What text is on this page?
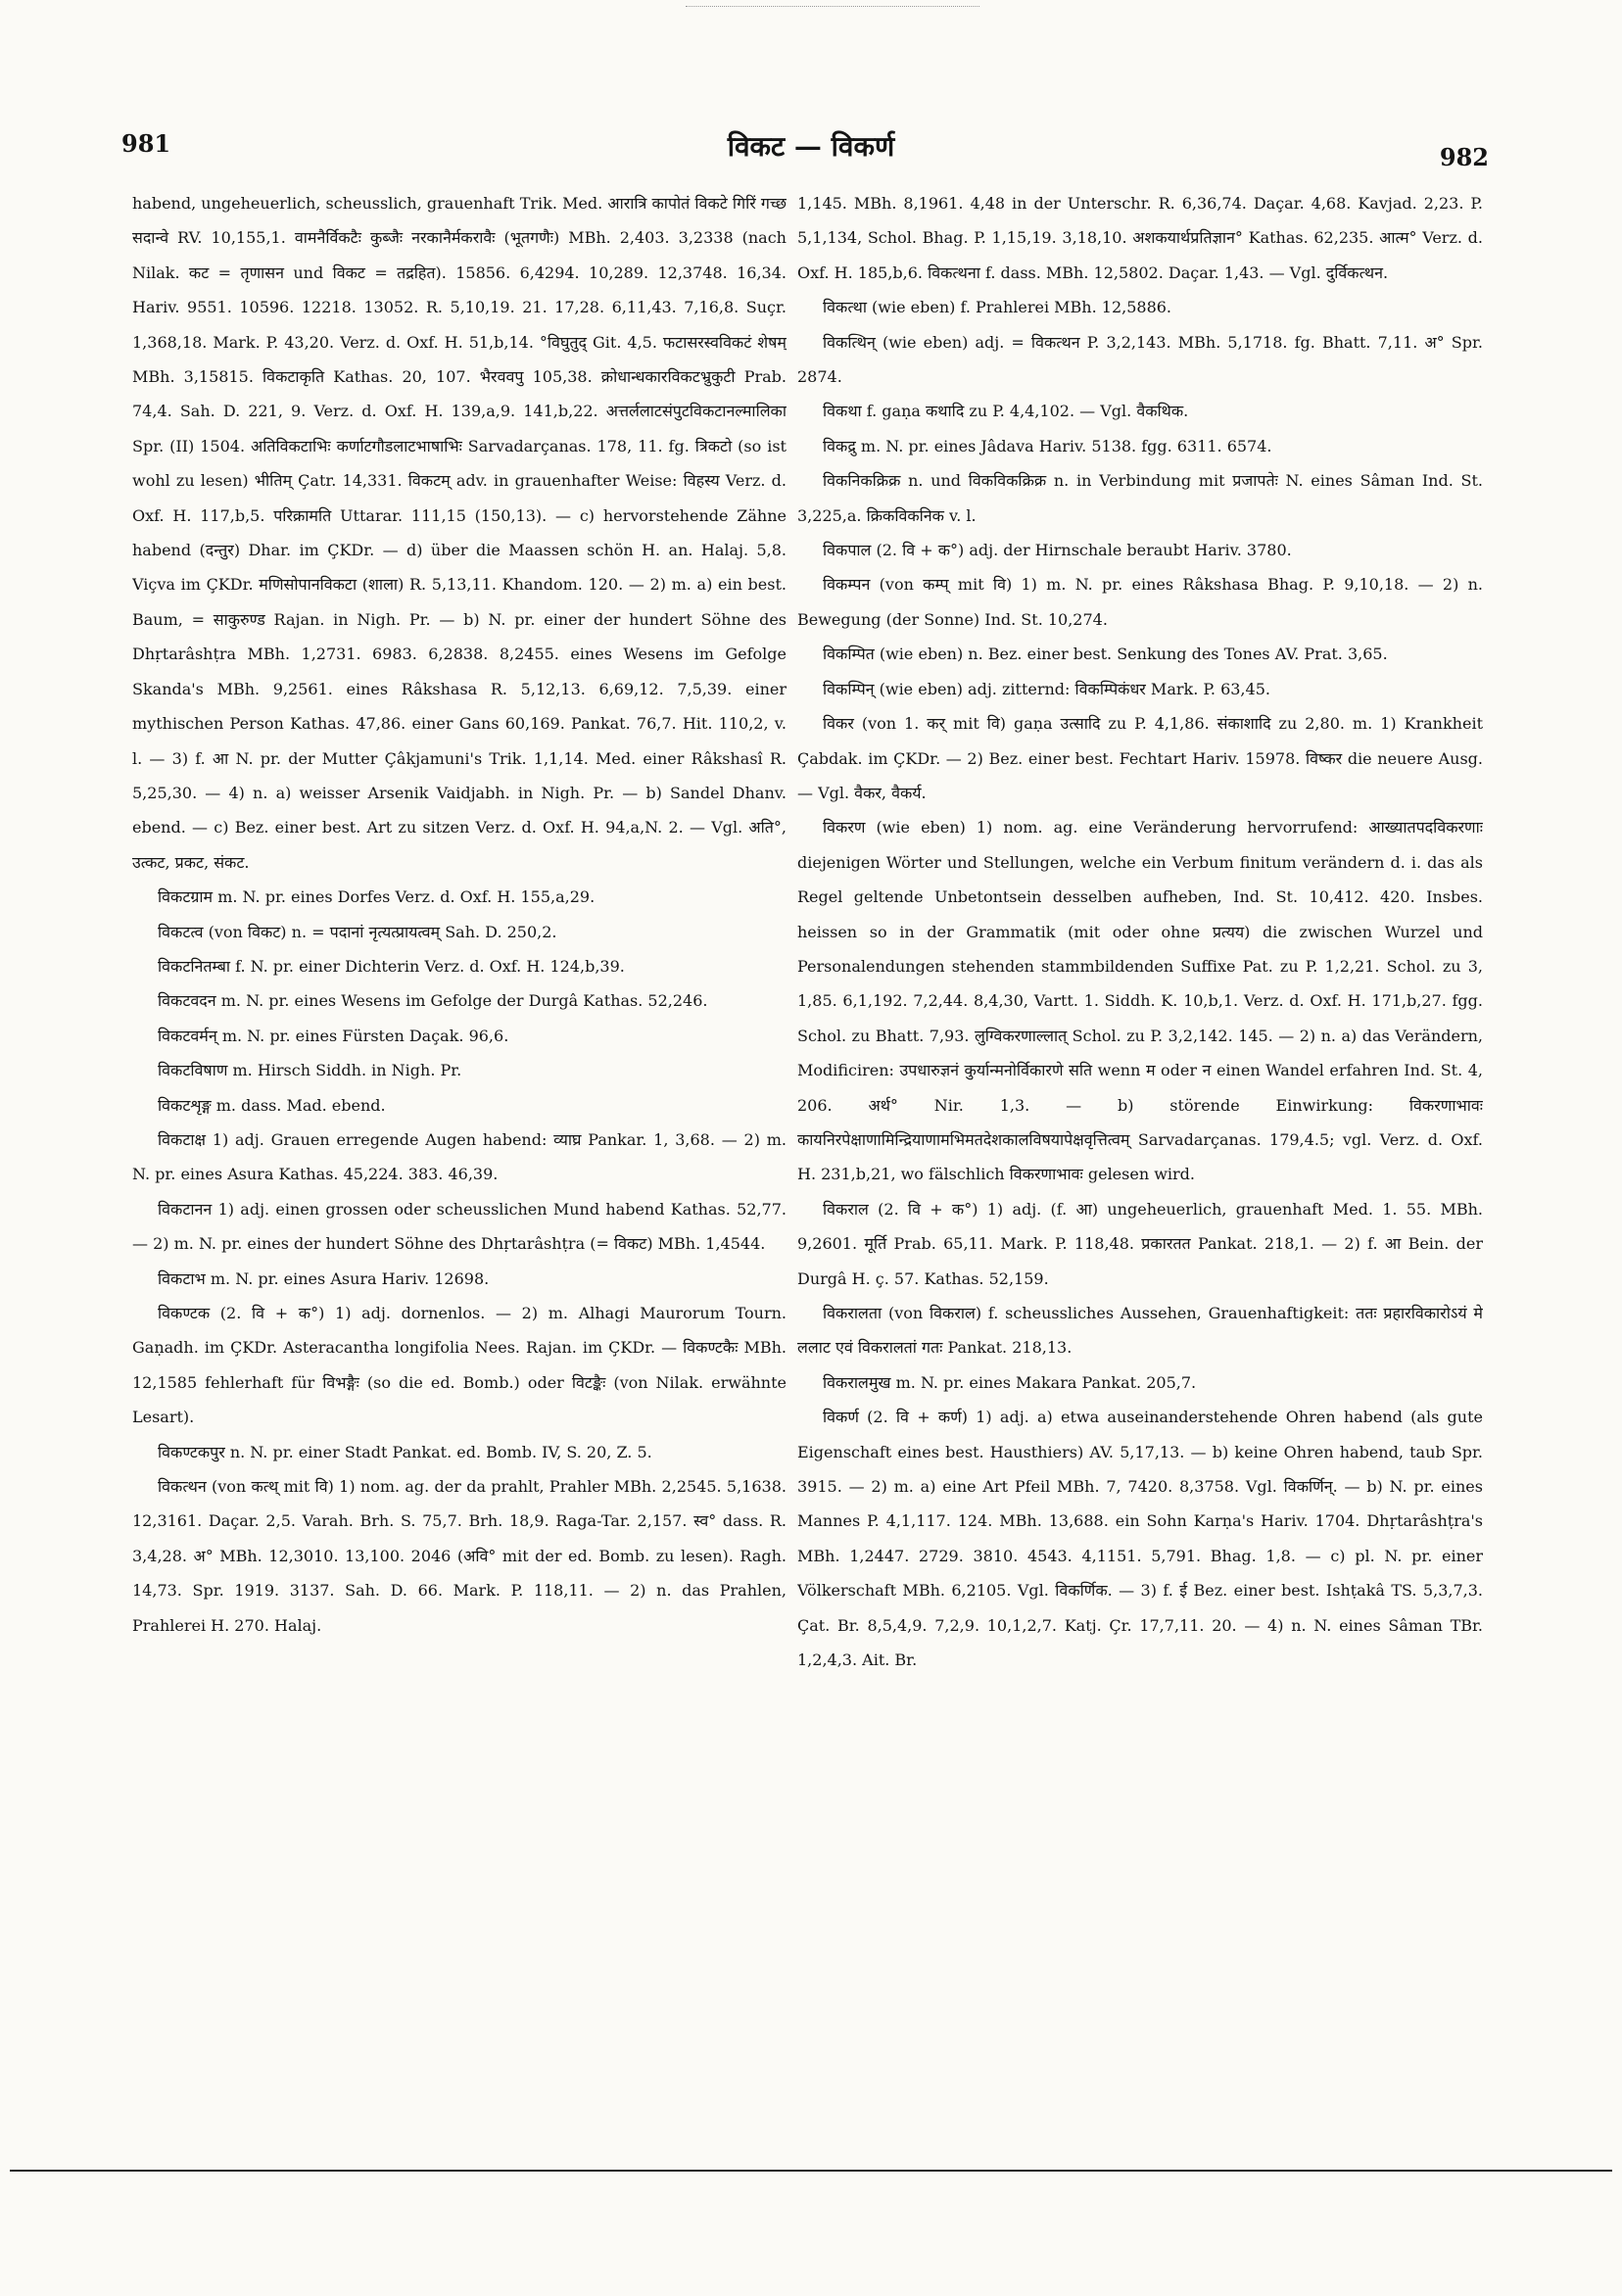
981	विकट — विकर्ण	982

habend, ungeheuerlich, scheusslich, grauenhaft Trik. Med. आरात्रि कापोतं विकटे गिरिं गच्छ सदान्वे RV. 10,155,1. वामनैर्विकटैः कुब्जैः नरकानैर्मकरावैः (भूतगणैः) MBh. 2,403. 3,2338 (nach Nilak. कट = तृणासन und विकट = तद्रहित). 15856. 6,4294. 10,289. 12,3748. 16,34. Hariv. 9551. 10596. 12218. 13052. R. 5,10,19. 21. 17,28. 6,11,43. 7,16,8. Suçr. 1,368,18. Mark. P. 43,20. Verz. d. Oxf. H. 51,b,14. °विघुतुद् Git. 4,5. फटासरस्वविकटं शेषम् MBh. 3,15815. विकटाकृति Kathas. 20, 107. भैरववपु 105,38. क्रोधान्धकारविकटभ्रुकुटी Prab. 74,4. Sah. D. 221, 9. Verz. d. Oxf. H. 139,a,9. 141,b,22. अत्तर्ललाटसंपुटविकटानल्मालिका Spr. (II) 1504. अतिविकटाभिः कर्णाटगौडलाटभाषाभिः Sarvadarçanas. 178, 11. fg. त्रिकटो (so ist wohl zu lesen) भीतिम् Çatr. 14,331. विकटम् adv. in grauenhafter Weise: विहस्य Verz. d. Oxf. H. 117,b,5. परिक्रामति Uttarar. 111,15 (150,13). — c) hervorstehende Zähne habend (दन्तुर) Dhar. im ÇKDr. — d) über die Maassen schön H. an. Halaj. 5,8. Viçva im ÇKDr. मणिसोपानविकटा (शाला) R. 5,13,11. Khandom. 120. — 2) m. a) ein best. Baum, = साकुरुण्ड Rajan. in Nigh. Pr. — b) N. pr. einer der hundert Söhne des Dhṛtarâshṭra MBh. 1,2731. 6983. 6,2838. 8,2455. eines Wesens im Gefolge Skanda's MBh. 9,2561. eines Râkshasa R. 5,12,13. 6,69,12. 7,5,39. einer mythischen Person Kathas. 47,86. einer Gans 60,169. Pankat. 76,7. Hit. 110,2, v. l. — 3) f. आ N. pr. der Mutter Çâkjamuni's Trik. 1,1,14. Med. einer Râkshasî R. 5,25,30. — 4) n. a) weisser Arsenik Vaidjabh. in Nigh. Pr. — b) Sandel Dhanv. ebend. — c) Bez. einer best. Art zu sitzen Verz. d. Oxf. H. 94,a,N. 2. — Vgl. अति°, उत्कट, प्रकट, संकट.

विकटग्राम m. N. pr. eines Dorfes Verz. d. Oxf. H. 155,a,29.

विकटत्व (von विकट) n. = पदानां नृत्यत्प्रायत्वम् Sah. D. 250,2.

विकटनितम्बा f. N. pr. einer Dichterin Verz. d. Oxf. H. 124,b,39.

विकटवदन m. N. pr. eines Wesens im Gefolge der Durgâ Kathas. 52,246.

विकटवर्मन् m. N. pr. eines Fürsten Daçak. 96,6.

विकटविषाण m. Hirsch Siddh. in Nigh. Pr.

विकटशृङ्ग m. dass. Mad. ebend.

विकटाक्ष 1) adj. Grauen erregende Augen habend: व्याघ्र Pankar. 1, 3,68. — 2) m. N. pr. eines Asura Kathas. 45,224. 383. 46,39.

विकटानन 1) adj. einen grossen oder scheusslichen Mund habend Kathas. 52,77. — 2) m. N. pr. eines der hundert Söhne des Dhṛtarâshṭra (= विकट) MBh. 1,4544.

विकटाभ m. N. pr. eines Asura Hariv. 12698.

विकण्टक (2. वि + क°) 1) adj. dornenlos. — 2) m. Alhagi Maurorum Tourn. Gaṇadh. im ÇKDr. Asteracantha longifolia Nees. Rajan. im ÇKDr. — विकण्टकैः MBh. 12,1585 fehlerhaft für विभङ्गैः (so die ed. Bomb.) oder विटङ्कैः (von Nilak. erwähnte Lesart).

विकण्टकपुर n. N. pr. einer Stadt Pankat. ed. Bomb. IV, S. 20, Z. 5.

विकत्थन (von कत्थ् mit वि) 1) nom. ag. der da prahlt, Prahler MBh. 2,2545. 5,1638. 12,3161. Daçar. 2,5. Varah. Brh. S. 75,7. Brh. 18,9. Raga-Tar. 2,157. स्व° dass. R. 3,4,28. अ° MBh. 12,3010. 13,100. 2046 (अवि° mit der ed. Bomb. zu lesen). Ragh. 14,73. Spr. 1919. 3137. Sah. D. 66. Mark. P. 118,11. — 2) n. das Prahlen, Prahlerei H. 270. Halaj.

1,145. MBh. 8,1961. 4,48 in der Unterschr. R. 6,36,74. Daçar. 4,68. Kavjad. 2,23. P. 5,1,134, Schol. Bhag. P. 1,15,19. 3,18,10. अशकयार्थप्रतिज्ञान° Kathas. 62,235. आत्म° Verz. d. Oxf. H. 185,b,6. विकत्थना f. dass. MBh. 12,5802. Daçar. 1,43. — Vgl. दुर्विकत्थन.

विकत्था (wie eben) f. Prahlerei MBh. 12,5886.

विकत्थिन् (wie eben) adj. = विकत्थन P. 3,2,143. MBh. 5,1718. fg. Bhatt. 7,11. अ° Spr. 2874.

विकथा f. gaṇa कथादि zu P. 4,4,102. — Vgl. वैकथिक.

विकद्रु m. N. pr. eines Jâdava Hariv. 5138. fgg. 6311. 6574.

विकनिकक्रिक्र n. und विकविकक्रिक्र n. in Verbindung mit प्रजापतेः N. eines Sâman Ind. St. 3,225,a. क्रिकविकनिक v. l.

विकपाल (2. वि + क°) adj. der Hirnschale beraubt Hariv. 3780.

विकम्पन (von कम्प् mit वि) 1) m. N. pr. eines Râkshasa Bhag. P. 9,10,18. — 2) n. Bewegung (der Sonne) Ind. St. 10,274.

विकम्पित (wie eben) n. Bez. einer best. Senkung des Tones AV. Prat. 3,65.

विकम्पिन् (wie eben) adj. zitternd: विकम्पिकंधर Mark. P. 63,45.

विकर (von 1. कर् mit वि) gaṇa उत्सादि zu P. 4,1,86. संकाशादि zu 2,80. m. 1) Krankheit Çabdak. im ÇKDr. — 2) Bez. einer best. Fechtart Hariv. 15978. विष्कर die neuere Ausg. — Vgl. वैकर, वैकर्य.

विकरण (wie eben) 1) nom. ag. eine Veränderung hervorrufend: आख्यातपदविकरणाः diejenigen Wörter und Stellungen, welche ein Verbum finitum verändern d. i. das als Regel geltende Unbetontsein desselben aufheben, Ind. St. 10,412. 420. Insbes. heissen so in der Grammatik (mit oder ohne प्रत्यय) die zwischen Wurzel und Personalendungen stehenden stammbildenden Suffixe Pat. zu P. 1,2,21. Schol. zu 3, 1,85. 6,1,192. 7,2,44. 8,4,30, Vartt. 1. Siddh. K. 10,b,1. Verz. d. Oxf. H. 171,b,27. fgg. Schol. zu Bhatt. 7,93. लुग्विकरणाल्लात् Schol. zu P. 3,2,142. 145. — 2) n. a) das Verändern, Modificiren: उपधारुज्ञनं कुर्यान्मनोर्विकारणे सति wenn म oder न einen Wandel erfahren Ind. St. 4, 206. अर्थ° Nir. 1,3. — b) störende Einwirkung: विकरणाभावः कायनिरपेक्षाणामिन्द्रियाणामभिमतदेशकालविषयापेक्षवृत्तित्वम् Sarvadarçanas. 179,4.5; vgl. Verz. d. Oxf. H. 231,b,21, wo fälschlich विकरणाभावः gelesen wird.

विकराल (2. वि + क°) 1) adj. (f. आ) ungeheuerlich, grauenhaft Med. 1. 55. MBh. 9,2601. मूर्ति Prab. 65,11. Mark. P. 118,48. प्रकारतत Pankat. 218,1. — 2) f. आ Bein. der Durgâ H. ç. 57. Kathas. 52,159.

विकरालता (von विकराल) f. scheussliches Aussehen, Grauenhaftigkeit: ततः प्रहारविकारोऽयं मे ललाट एवं विकरालतां गतः Pankat. 218,13.

विकरालमुख m. N. pr. eines Makara Pankat. 205,7.

विकर्ण (2. वि + कर्ण) 1) adj. a) etwa auseinanderstehende Ohren habend (als gute Eigenschaft eines best. Hausthiers) AV. 5,17,13. — b) keine Ohren habend, taub Spr. 3915. — 2) m. a) eine Art Pfeil MBh. 7, 7420. 8,3758. Vgl. विकर्णिन्. — b) N. pr. eines Mannes P. 4,1,117. 124. MBh. 13,688. ein Sohn Karṇa's Hariv. 1704. Dhṛtarâshṭra's MBh. 1,2447. 2729. 3810. 4543. 4,1151. 5,791. Bhag. 1,8. — c) pl. N. pr. einer Völkerschaft MBh. 6,2105. Vgl. विकर्णिक. — 3) f. ई Bez. einer best. Ishṭakâ TS. 5,3,7,3. Çat. Br. 8,5,4,9. 7,2,9. 10,1,2,7. Katj. Çr. 17,7,11. 20. — 4) n. N. eines Sâman TBr. 1,2,4,3. Ait. Br.
